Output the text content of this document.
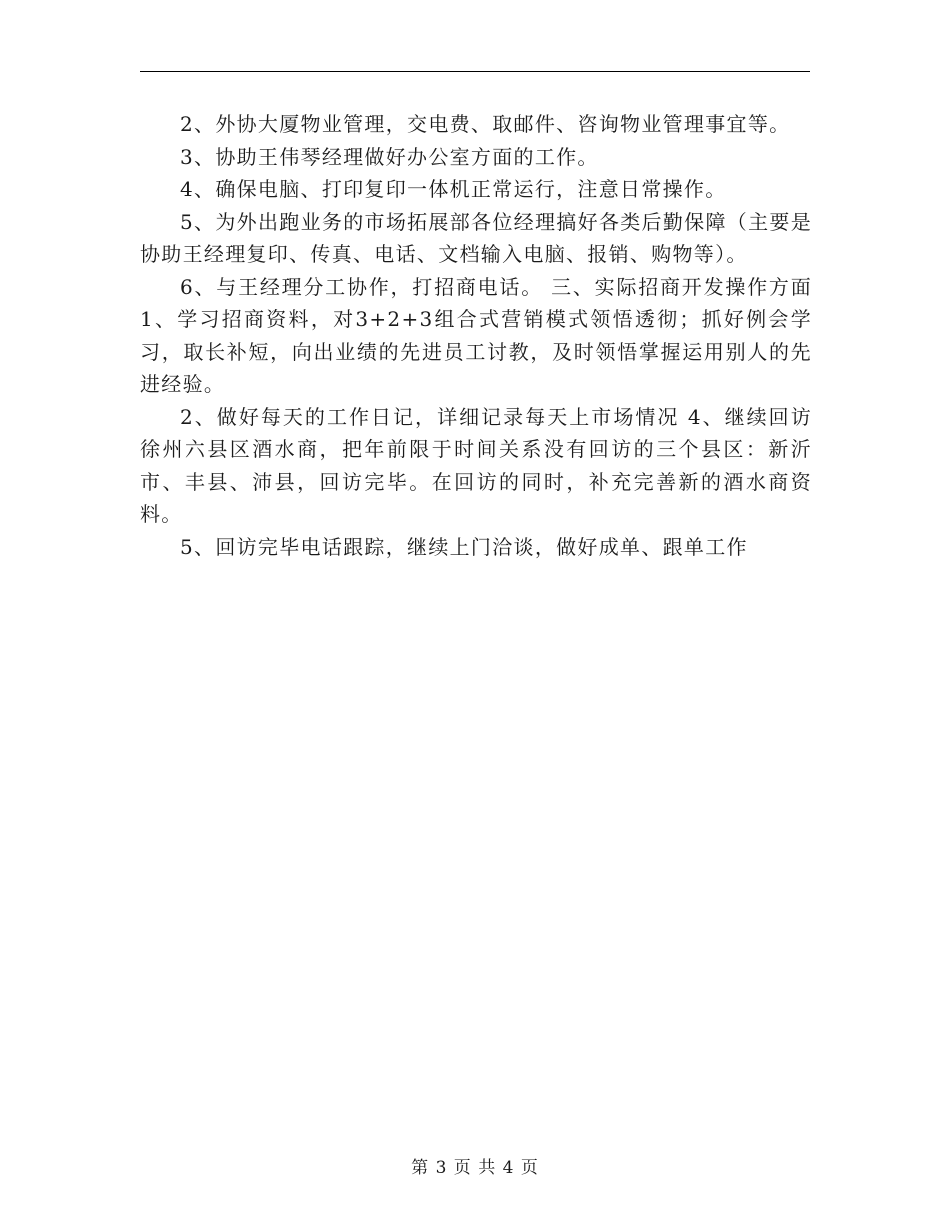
2、外协大厦物业管理，交电费、取邮件、咨询物业管理事宜等。

3、协助王伟琴经理做好办公室方面的工作。

4、确保电脑、打印复印一体机正常运行，注意日常操作。

5、为外出跑业务的市场拓展部各位经理搞好各类后勤保障（主要是协助王经理复印、传真、电话、文档输入电脑、报销、购物等）。

6、与王经理分工协作，打招商电话。 三、实际招商开发操作方面 1、学习招商资料，对3+2+3组合式营销模式领悟透彻；抓好例会学习，取长补短，向出业绩的先进员工讨教，及时领悟掌握运用别人的先进经验。

2、做好每天的工作日记，详细记录每天上市场情况 4、继续回访徐州六县区酒水商，把年前限于时间关系没有回访的三个县区：新沂市、丰县、沛县，回访完毕。在回访的同时，补充完善新的酒水商资料。

5、回访完毕电话跟踪，继续上门洽谈，做好成单、跟单工作

第 3 页 共 4 页
